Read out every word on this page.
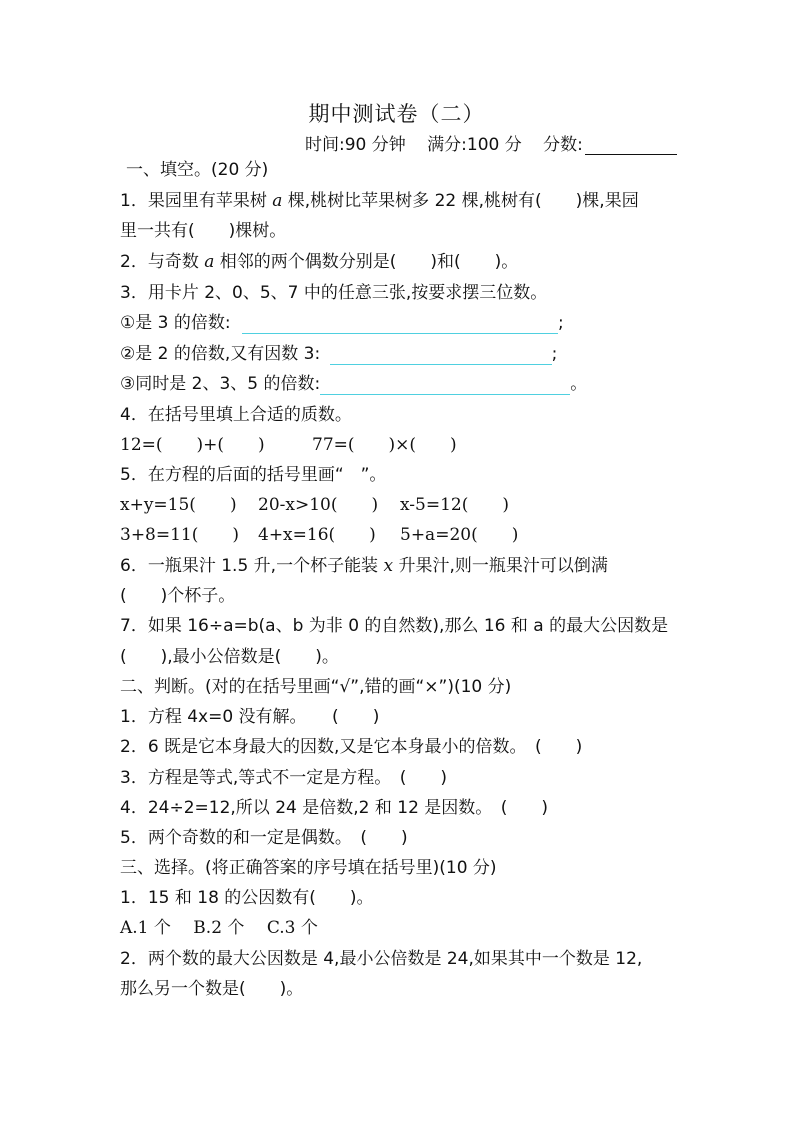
期中测试卷（二）
时间:90 分钟 满分:100 分 分数:
一、填空。(20 分)
1．果园里有苹果树 a 棵,桃树比苹果树多 22 棵,桃树有(　　)棵,果园
里一共有(　　)棵树。
2．与奇数 a 相邻的两个偶数分别是(　　)和(　　)。
3．用卡片 2、0、5、7 中的任意三张,按要求摆三位数。
①是 3 的倍数:	;
②是 2 的倍数,又有因数 3:	;
③同时是 2、3、5 的倍数:	。
4．在括号里填上合适的质数。
12=(　　)+(　　)	77=(　　)×(　　)
5．在方程的后面的括号里画“　”。
x+y=15(　　) 20-x>10(　　) x-5=12(　　)
3+8=11(　　) 4+x=16(　　) 5+a=20(　　)
6．一瓶果汁 1.5 升,一个杯子能装 x 升果汁,则一瓶果汁可以倒满
(　　)个杯子。
7．如果 16÷a=b(a、b 为非 0 的自然数),那么 16 和 a 的最大公因数是
(　　),最小公倍数是(　　)。
二、判断。(对的在括号里画“√”,错的画“×”)(10 分)
1．方程 4x=0 没有解。　　(　　)
2．6 既是它本身最大的因数,又是它本身最小的倍数。　(　　)
3．方程是等式,等式不一定是方程。　(　　)
4．24÷2=12,所以 24 是倍数,2 和 12 是因数。　(　　)
5．两个奇数的和一定是偶数。　(　　)
三、选择。(将正确答案的序号填在括号里)(10 分)
1．15 和 18 的公因数有(　　)。
A.1 个　 B.2 个　 C.3 个
2．两个数的最大公因数是 4,最小公倍数是 24,如果其中一个数是 12,
那么另一个数是(　　)。
